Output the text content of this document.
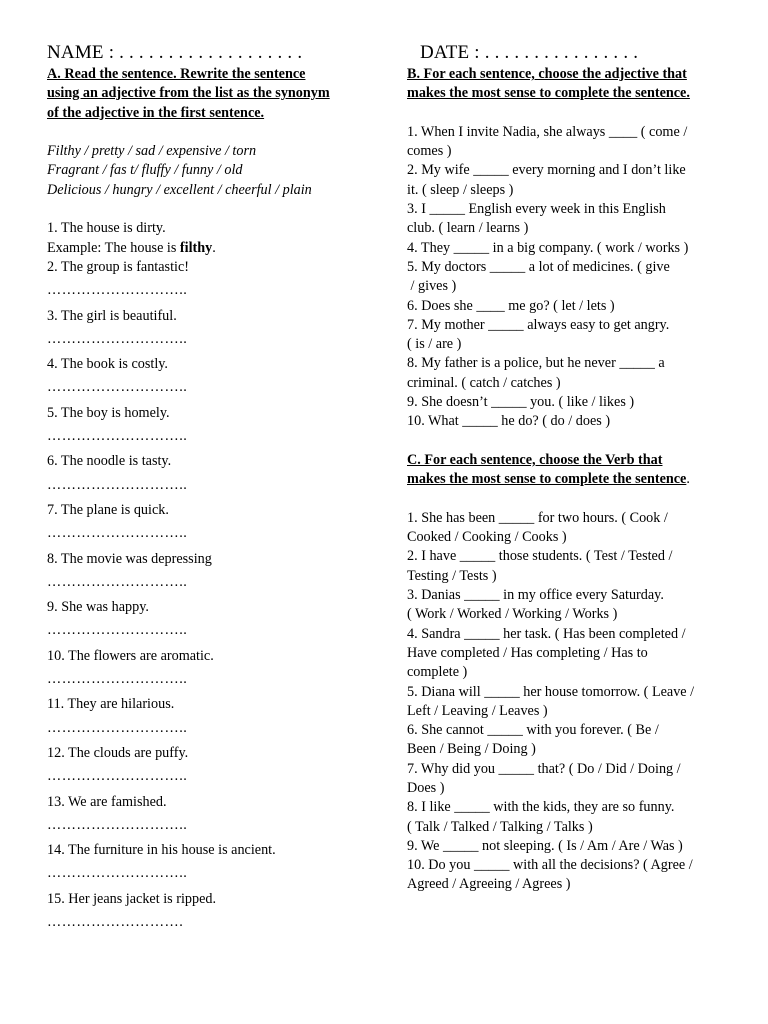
NAME : . . . . . . . . . . . . . . . . . . .	DATE : . . . . . . . . . . . . . . . .

A. Read the sentence. Rewrite the sentence

using an adjective from the list as the synonym

of the adjective in the first sentence.

Filthy / pretty / sad / expensive / torn

Fragrant / fas t/ fluffy / funny / old

Delicious / hungry / excellent / cheerful / plain

1. The house is dirty.

Example: The house is filthy.

2. The group is fantastic!

………………………..

3. The girl is beautiful.

………………………..

4. The book is costly.

………………………..

5. The boy is homely.

………………………..

6. The noodle is tasty.

………………………..

7. The plane is quick.

………………………..

8. The movie was depressing

………………………..

9. She was happy.

………………………..

10. The flowers are aromatic.

………………………..

11. They are hilarious.

………………………..

12. The clouds are puffy.

………………………..

13. We are famished.

………………………..

14. The furniture in his house is ancient.

………………………..

15. Her jeans jacket is ripped.

……………………….

B. For each sentence, choose the adjective that

makes the most sense to complete the sentence.

1. When I invite Nadia, she always ____ ( come /

comes )

2. My wife _____ every morning and I don’t like

it. ( sleep / sleeps )

3. I _____ English every week in this English

club. ( learn / learns )

4. They _____ in a big company. ( work / works )

5. My doctors _____ a lot of medicines. ( give

/ gives )

6. Does she ____ me go? ( let / lets )

7. My mother _____ always easy to get angry.

( is / are )

8. My father is a police, but he never _____ a

criminal. ( catch / catches )

9. She doesn’t _____ you. ( like / likes )

10. What _____ he do? ( do / does )

C. For each sentence, choose the Verb that

makes the most sense to complete the sentence.

1. She has been _____ for two hours. ( Cook /

Cooked / Cooking / Cooks )

2. I have _____ those students. ( Test / Tested /

Testing / Tests )

3. Danias _____ in my office every Saturday.

( Work / Worked / Working / Works )

4. Sandra _____ her task. ( Has been completed /

Have completed / Has completing / Has to

complete )

5. Diana will _____ her house tomorrow. ( Leave /

Left / Leaving / Leaves )

6. She cannot _____ with you forever. ( Be /

Been / Being / Doing )

7. Why did you _____ that? ( Do / Did / Doing /

Does )

8. I like _____ with the kids, they are so funny.

( Talk / Talked / Talking / Talks )

9. We _____ not sleeping. ( Is / Am / Are / Was )

10. Do you _____ with all the decisions? ( Agree /

Agreed / Agreeing / Agrees )
